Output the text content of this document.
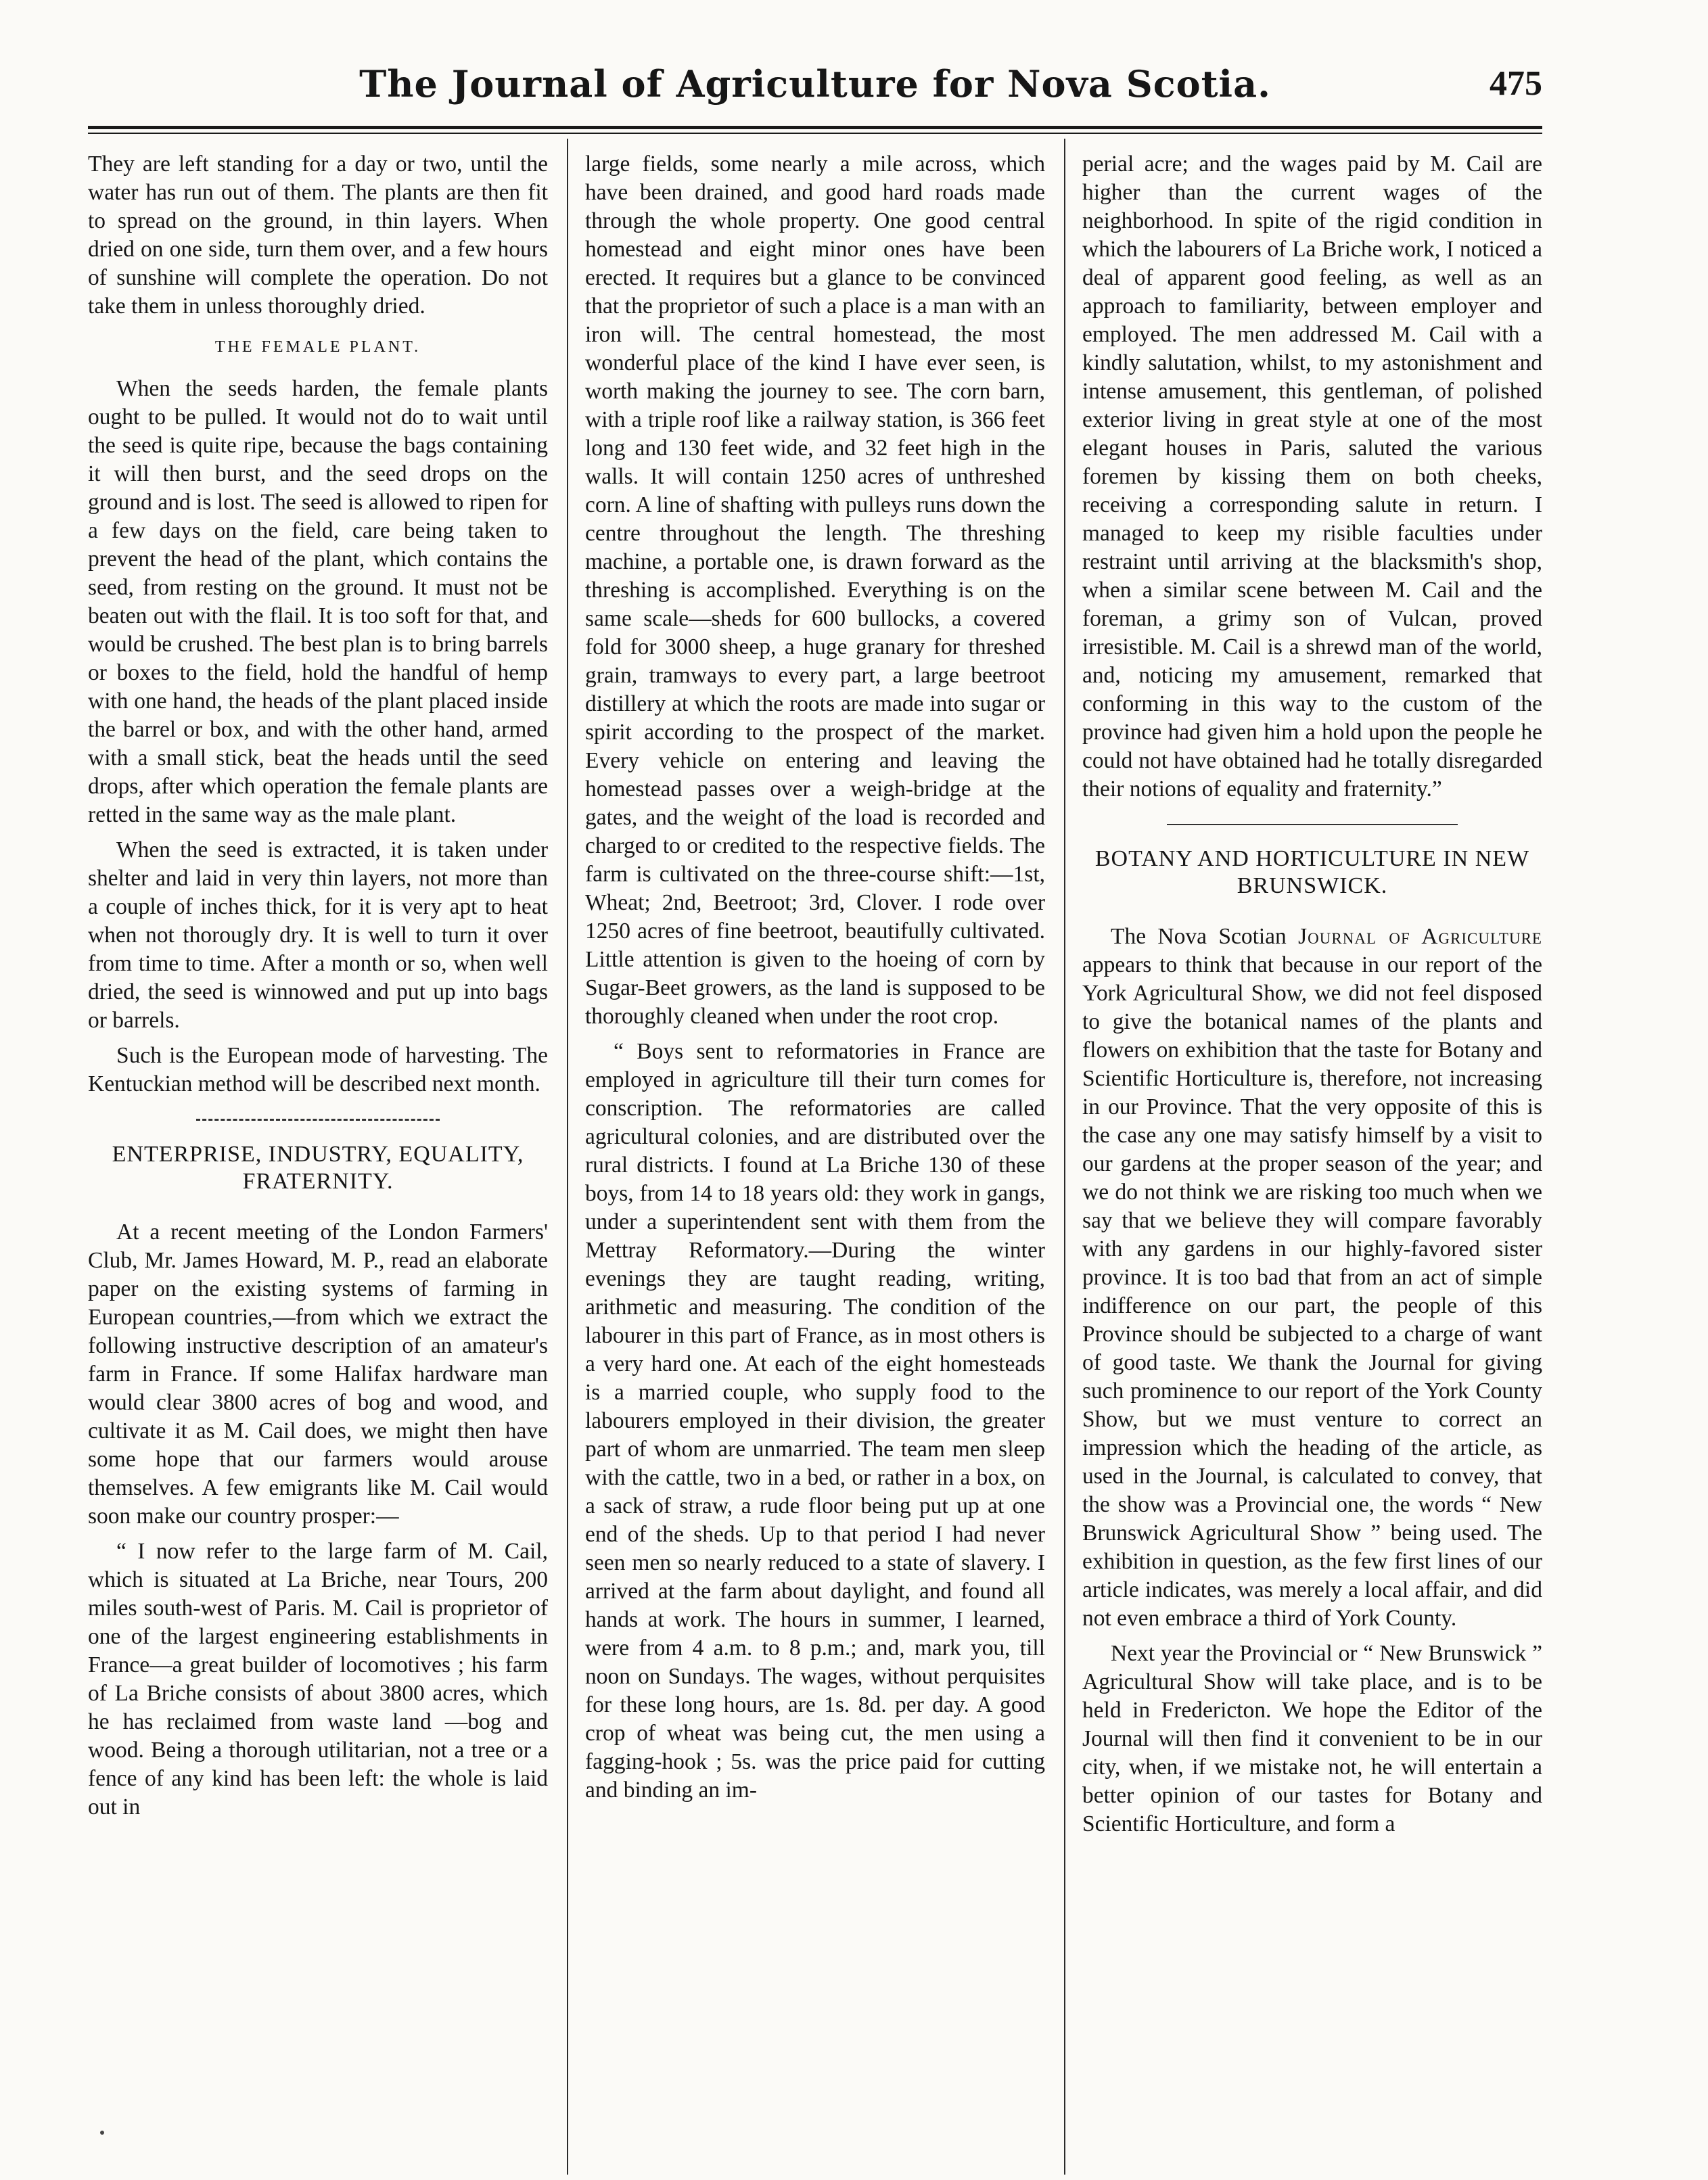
The Journal of Agriculture for Nova Scotia.	475

They are left standing for a day or two, until the water has run out of them. The plants are then fit to spread on the ground, in thin layers. When dried on one side, turn them over, and a few hours of sunshine will complete the operation. Do not take them in unless thoroughly dried.

THE FEMALE PLANT.

When the seeds harden, the female plants ought to be pulled. It would not do to wait until the seed is quite ripe, because the bags containing it will then burst, and the seed drops on the ground and is lost. The seed is allowed to ripen for a few days on the field, care being taken to prevent the head of the plant, which contains the seed, from resting on the ground. It must not be beaten out with the flail. It is too soft for that, and would be crushed. The best plan is to bring barrels or boxes to the field, hold the handful of hemp with one hand, the heads of the plant placed inside the barrel or box, and with the other hand, armed with a small stick, beat the heads until the seed drops, after which operation the female plants are retted in the same way as the male plant.

When the seed is extracted, it is taken under shelter and laid in very thin layers, not more than a couple of inches thick, for it is very apt to heat when not thorougly dry. It is well to turn it over from time to time. After a month or so, when well dried, the seed is winnowed and put up into bags or barrels.

Such is the European mode of harvesting. The Kentuckian method will be described next month.

ENTERPRISE, INDUSTRY, EQUALITY, FRATERNITY.

At a recent meeting of the London Farmers' Club, Mr. James Howard, M. P., read an elaborate paper on the existing systems of farming in European countries,—from which we extract the following instructive description of an amateur's farm in France. If some Halifax hardware man would clear 3800 acres of bog and wood, and cultivate it as M. Cail does, we might then have some hope that our farmers would arouse themselves. A few emigrants like M. Cail would soon make our country prosper:—

“ I now refer to the large farm of M. Cail, which is situated at La Briche, near Tours, 200 miles south-west of Paris. M. Cail is proprietor of one of the largest engineering establishments in France—a great builder of locomotives ; his farm of La Briche consists of about 3800 acres, which he has reclaimed from waste land —bog and wood. Being a thorough utilitarian, not a tree or a fence of any kind has been left: the whole is laid out in

large fields, some nearly a mile across, which have been drained, and good hard roads made through the whole property. One good central homestead and eight minor ones have been erected. It requires but a glance to be convinced that the proprietor of such a place is a man with an iron will. The central homestead, the most wonderful place of the kind I have ever seen, is worth making the journey to see. The corn barn, with a triple roof like a railway station, is 366 feet long and 130 feet wide, and 32 feet high in the walls. It will contain 1250 acres of unthreshed corn. A line of shafting with pulleys runs down the centre throughout the length. The threshing machine, a portable one, is drawn forward as the threshing is accomplished. Everything is on the same scale—sheds for 600 bullocks, a covered fold for 3000 sheep, a huge granary for threshed grain, tramways to every part, a large beetroot distillery at which the roots are made into sugar or spirit according to the prospect of the market. Every vehicle on entering and leaving the homestead passes over a weigh-bridge at the gates, and the weight of the load is recorded and charged to or credited to the respective fields. The farm is cultivated on the three-course shift:—1st, Wheat; 2nd, Beetroot; 3rd, Clover. I rode over 1250 acres of fine beetroot, beautifully cultivated. Little attention is given to the hoeing of corn by Sugar-Beet growers, as the land is supposed to be thoroughly cleaned when under the root crop.

“ Boys sent to reformatories in France are employed in agriculture till their turn comes for conscription. The reformatories are called agricultural colonies, and are distributed over the rural districts. I found at La Briche 130 of these boys, from 14 to 18 years old: they work in gangs, under a superintendent sent with them from the Mettray Reformatory.—During the winter evenings they are taught reading, writing, arithmetic and measuring. The condition of the labourer in this part of France, as in most others is a very hard one. At each of the eight homesteads is a married couple, who supply food to the labourers employed in their division, the greater part of whom are unmarried. The team men sleep with the cattle, two in a bed, or rather in a box, on a sack of straw, a rude floor being put up at one end of the sheds. Up to that period I had never seen men so nearly reduced to a state of slavery. I arrived at the farm about daylight, and found all hands at work. The hours in summer, I learned, were from 4 a.m. to 8 p.m.; and, mark you, till noon on Sundays. The wages, without perquisites for these long hours, are 1s. 8d. per day. A good crop of wheat was being cut, the men using a fagging-hook ; 5s. was the price paid for cutting and binding an im-

perial acre; and the wages paid by M. Cail are higher than the current wages of the neighborhood. In spite of the rigid condition in which the labourers of La Briche work, I noticed a deal of apparent good feeling, as well as an approach to familiarity, between employer and employed. The men addressed M. Cail with a kindly salutation, whilst, to my astonishment and intense amusement, this gentleman, of polished exterior living in great style at one of the most elegant houses in Paris, saluted the various foremen by kissing them on both cheeks, receiving a corresponding salute in return. I managed to keep my risible faculties under restraint until arriving at the blacksmith's shop, when a similar scene between M. Cail and the foreman, a grimy son of Vulcan, proved irresistible. M. Cail is a shrewd man of the world, and, noticing my amusement, remarked that conforming in this way to the custom of the province had given him a hold upon the people he could not have obtained had he totally disregarded their notions of equality and fraternity.”

BOTANY AND HORTICULTURE IN NEW BRUNSWICK.

The Nova Scotian Journal of Agriculture appears to think that because in our report of the York Agricultural Show, we did not feel disposed to give the botanical names of the plants and flowers on exhibition that the taste for Botany and Scientific Horticulture is, therefore, not increasing in our Province. That the very opposite of this is the case any one may satisfy himself by a visit to our gardens at the proper season of the year; and we do not think we are risking too much when we say that we believe they will compare favorably with any gardens in our highly-favored sister province. It is too bad that from an act of simple indifference on our part, the people of this Province should be subjected to a charge of want of good taste. We thank the Journal for giving such prominence to our report of the York County Show, but we must venture to correct an impression which the heading of the article, as used in the Journal, is calculated to convey, that the show was a Provincial one, the words “ New Brunswick Agricultural Show ” being used. The exhibition in question, as the few first lines of our article indicates, was merely a local affair, and did not even embrace a third of York County.

Next year the Provincial or “ New Brunswick ” Agricultural Show will take place, and is to be held in Fredericton. We hope the Editor of the Journal will then find it convenient to be in our city, when, if we mistake not, he will entertain a better opinion of our tastes for Botany and Scientific Horticulture, and form a
